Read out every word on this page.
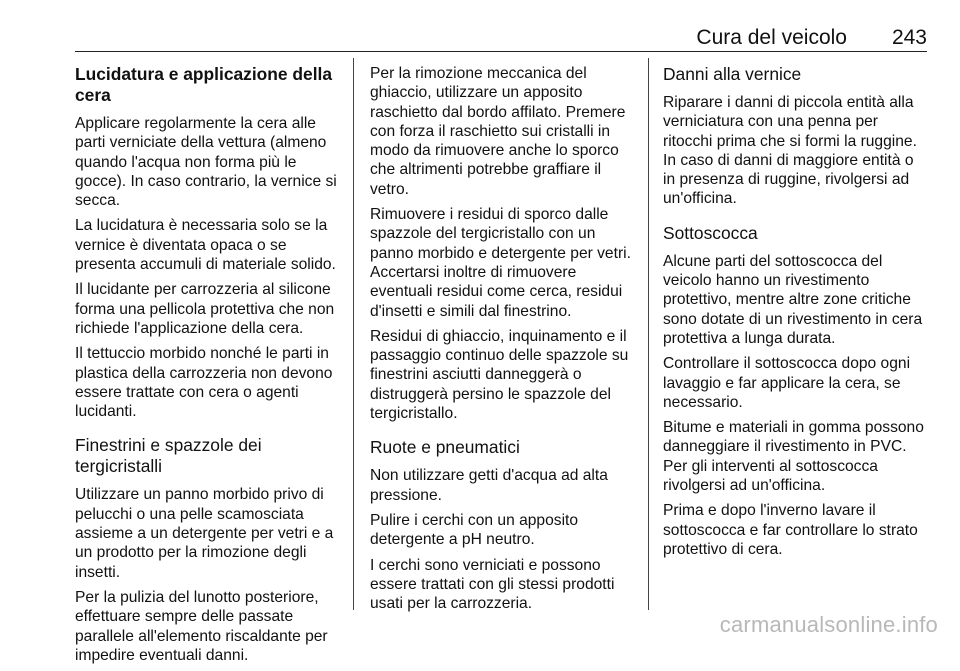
Cura del veicolo 243
Lucidatura e applicazione della cera

Applicare regolarmente la cera alle parti verniciate della vettura (almeno quando l'acqua non forma più le gocce). In caso contrario, la vernice si secca.

La lucidatura è necessaria solo se la vernice è diventata opaca o se presenta accumuli di materiale solido.

Il lucidante per carrozzeria al silicone forma una pellicola protettiva che non richiede l'applicazione della cera.

Il tettuccio morbido nonché le parti in plastica della carrozzeria non devono essere trattate con cera o agenti lucidanti.

Finestrini e spazzole dei tergicristalli

Utilizzare un panno morbido privo di pelucchi o una pelle scamosciata assieme a un detergente per vetri e a un prodotto per la rimozione degli insetti.

Per la pulizia del lunotto posteriore, effettuare sempre delle passate parallele all'elemento riscaldante per impedire eventuali danni.

Per la rimozione meccanica del ghiaccio, utilizzare un apposito raschietto dal bordo affilato. Premere con forza il raschietto sui cristalli in modo da rimuovere anche lo sporco che altrimenti potrebbe graffiare il vetro.

Rimuovere i residui di sporco dalle spazzole del tergicristallo con un panno morbido e detergente per vetri. Accertarsi inoltre di rimuovere eventuali residui come cerca, residui d'insetti e simili dal finestrino.

Residui di ghiaccio, inquinamento e il passaggio continuo delle spazzole su finestrini asciutti danneggerà o distruggerà persino le spazzole del tergicristallo.

Ruote e pneumatici

Non utilizzare getti d'acqua ad alta pressione.

Pulire i cerchi con un apposito detergente a pH neutro.

I cerchi sono verniciati e possono essere trattati con gli stessi prodotti usati per la carrozzeria.

Danni alla vernice

Riparare i danni di piccola entità alla verniciatura con una penna per ritocchi prima che si formi la ruggine. In caso di danni di maggiore entità o in presenza di ruggine, rivolgersi ad un'officina.

Sottoscocca

Alcune parti del sottoscocca del veicolo hanno un rivestimento protettivo, mentre altre zone critiche sono dotate di un rivestimento in cera protettiva a lunga durata.

Controllare il sottoscocca dopo ogni lavaggio e far applicare la cera, se necessario.

Bitume e materiali in gomma possono danneggiare il rivestimento in PVC. Per gli interventi al sottoscocca rivolgersi ad un'officina.

Prima e dopo l'inverno lavare il sottoscocca e far controllare lo strato protettivo di cera.

carmanualsonline.info
